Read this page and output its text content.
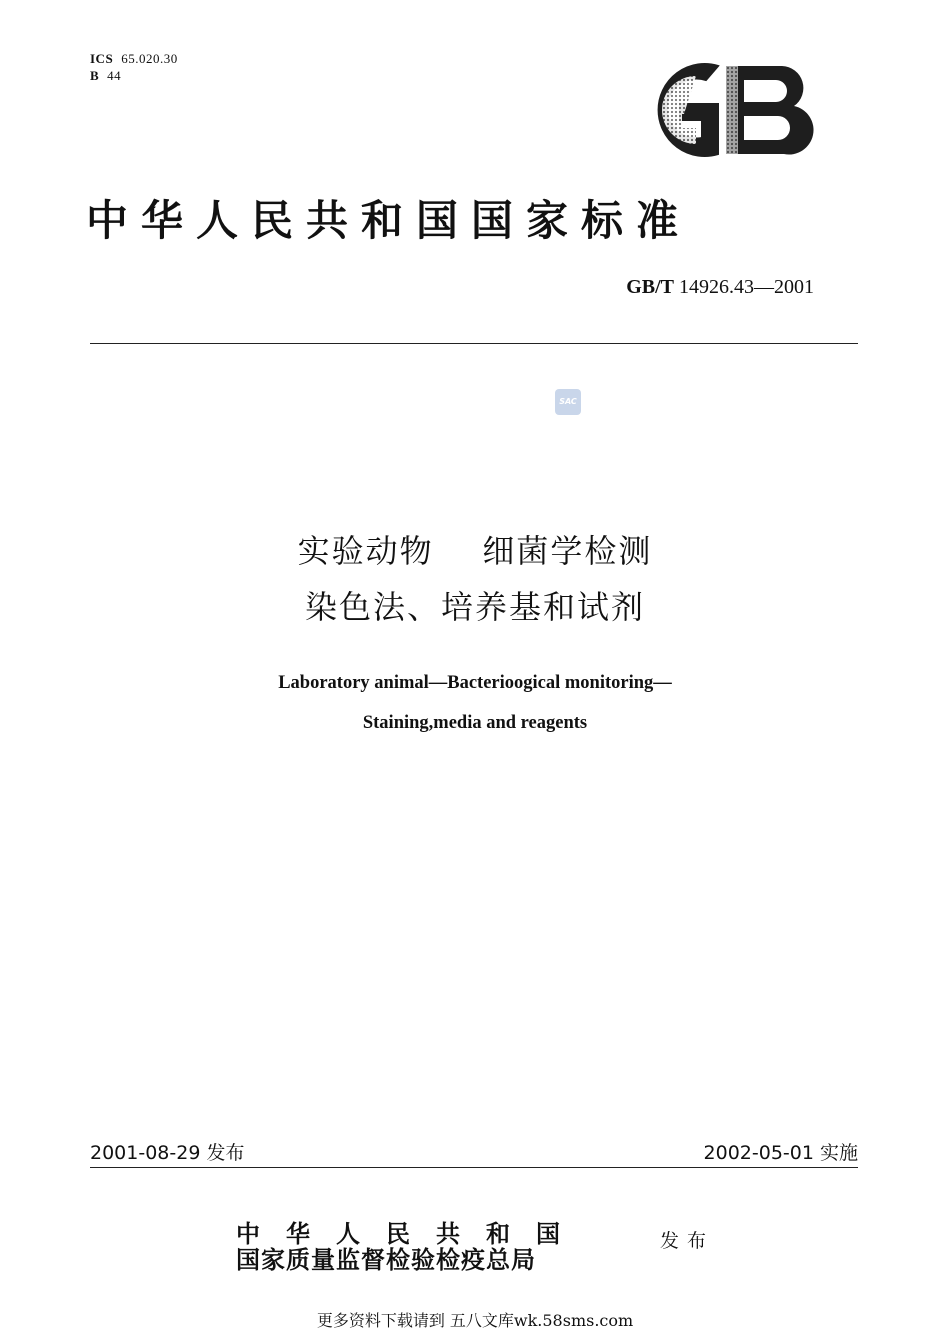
ICS 65.020.30
B 44
中华人民共和国国家标准
GB/T 14926.43—2001
SAC
实验动物    细菌学检测
染色法、培养基和试剂
Laboratory animal—Bacterioogical monitoring—
Staining,media and reagents
2001-08-29 发布	2002-05-01 实施
中华人民共和国
国家质量监督检验检疫总局
发布
更多资料下载请到 五八文库wk.58sms.com
